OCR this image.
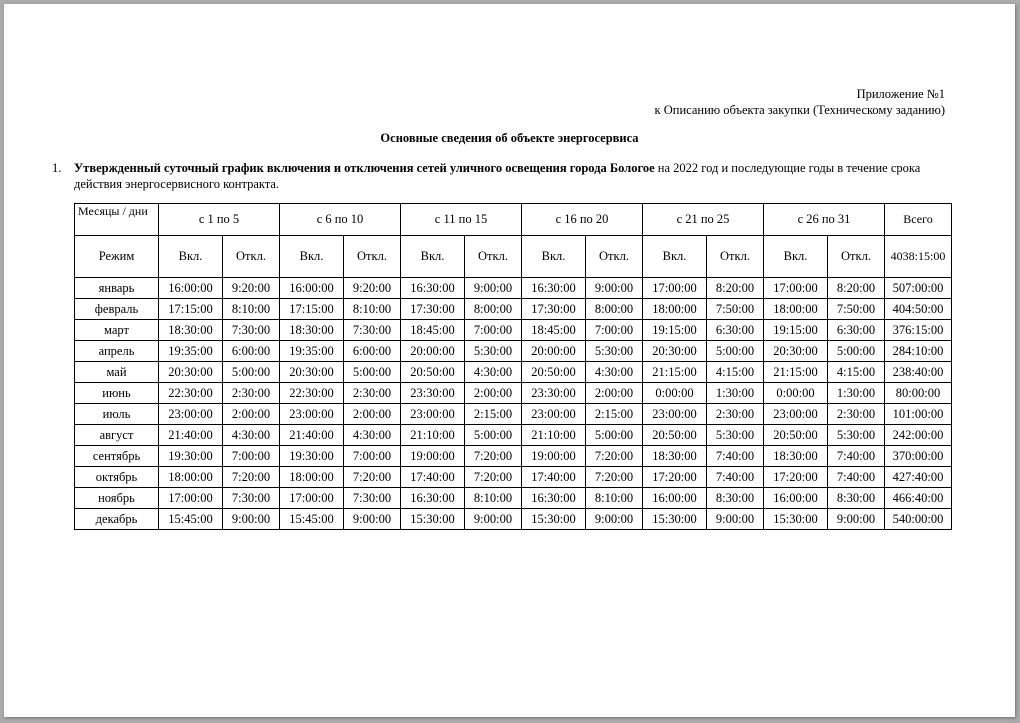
Приложение №1
к Описанию объекта закупки (Техническому заданию)
Основные сведения об объекте энергосервиса
1. Утвержденный суточный график включения и отключения сетей уличного освещения города Бологое на 2022 год и последующие годы в течение срока действия энергосервисного контракта.
Месяцы / дни	с 1 по 5		с 6 по 10		с 11 по 15		с 16 по 20		с 21 по 25		с 26 по 31		Всего
Режим	Вкл.	Откл.	Вкл.	Откл.	Вкл.	Откл.	Вкл.	Откл.	Вкл.	Откл.	Вкл.	Откл.	4038:15:00
январь	16:00:00	9:20:00	16:00:00	9:20:00	16:30:00	9:00:00	16:30:00	9:00:00	17:00:00	8:20:00	17:00:00	8:20:00	507:00:00
февраль	17:15:00	8:10:00	17:15:00	8:10:00	17:30:00	8:00:00	17:30:00	8:00:00	18:00:00	7:50:00	18:00:00	7:50:00	404:50:00
март	18:30:00	7:30:00	18:30:00	7:30:00	18:45:00	7:00:00	18:45:00	7:00:00	19:15:00	6:30:00	19:15:00	6:30:00	376:15:00
апрель	19:35:00	6:00:00	19:35:00	6:00:00	20:00:00	5:30:00	20:00:00	5:30:00	20:30:00	5:00:00	20:30:00	5:00:00	284:10:00
май	20:30:00	5:00:00	20:30:00	5:00:00	20:50:00	4:30:00	20:50:00	4:30:00	21:15:00	4:15:00	21:15:00	4:15:00	238:40:00
июнь	22:30:00	2:30:00	22:30:00	2:30:00	23:30:00	2:00:00	23:30:00	2:00:00	0:00:00	1:30:00	0:00:00	1:30:00	80:00:00
июль	23:00:00	2:00:00	23:00:00	2:00:00	23:00:00	2:15:00	23:00:00	2:15:00	23:00:00	2:30:00	23:00:00	2:30:00	101:00:00
август	21:40:00	4:30:00	21:40:00	4:30:00	21:10:00	5:00:00	21:10:00	5:00:00	20:50:00	5:30:00	20:50:00	5:30:00	242:00:00
сентябрь	19:30:00	7:00:00	19:30:00	7:00:00	19:00:00	7:20:00	19:00:00	7:20:00	18:30:00	7:40:00	18:30:00	7:40:00	370:00:00
октябрь	18:00:00	7:20:00	18:00:00	7:20:00	17:40:00	7:20:00	17:40:00	7:20:00	17:20:00	7:40:00	17:20:00	7:40:00	427:40:00
ноябрь	17:00:00	7:30:00	17:00:00	7:30:00	16:30:00	8:10:00	16:30:00	8:10:00	16:00:00	8:30:00	16:00:00	8:30:00	466:40:00
декабрь	15:45:00	9:00:00	15:45:00	9:00:00	15:30:00	9:00:00	15:30:00	9:00:00	15:30:00	9:00:00	15:30:00	9:00:00	540:00:00
